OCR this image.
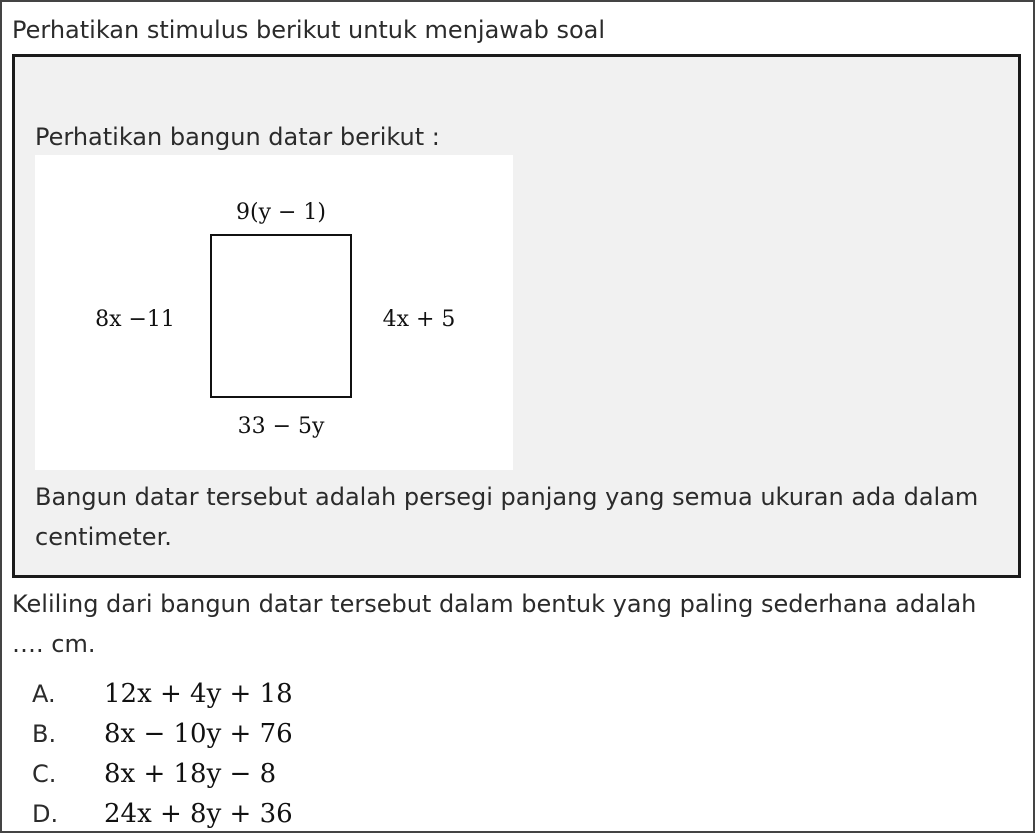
Perhatikan stimulus berikut untuk menjawab soal
Perhatikan bangun datar berikut :
9(y − 1)
8x −11	4x + 5
33 − 5y
Bangun datar tersebut adalah persegi panjang yang semua ukuran ada dalam centimeter.
Keliling dari bangun datar tersebut dalam bentuk yang paling sederhana adalah …. cm.
A.	12x + 4y + 18
B.	8x − 10y + 76
C.	8x + 18y − 8
D.	24x + 8y + 36
